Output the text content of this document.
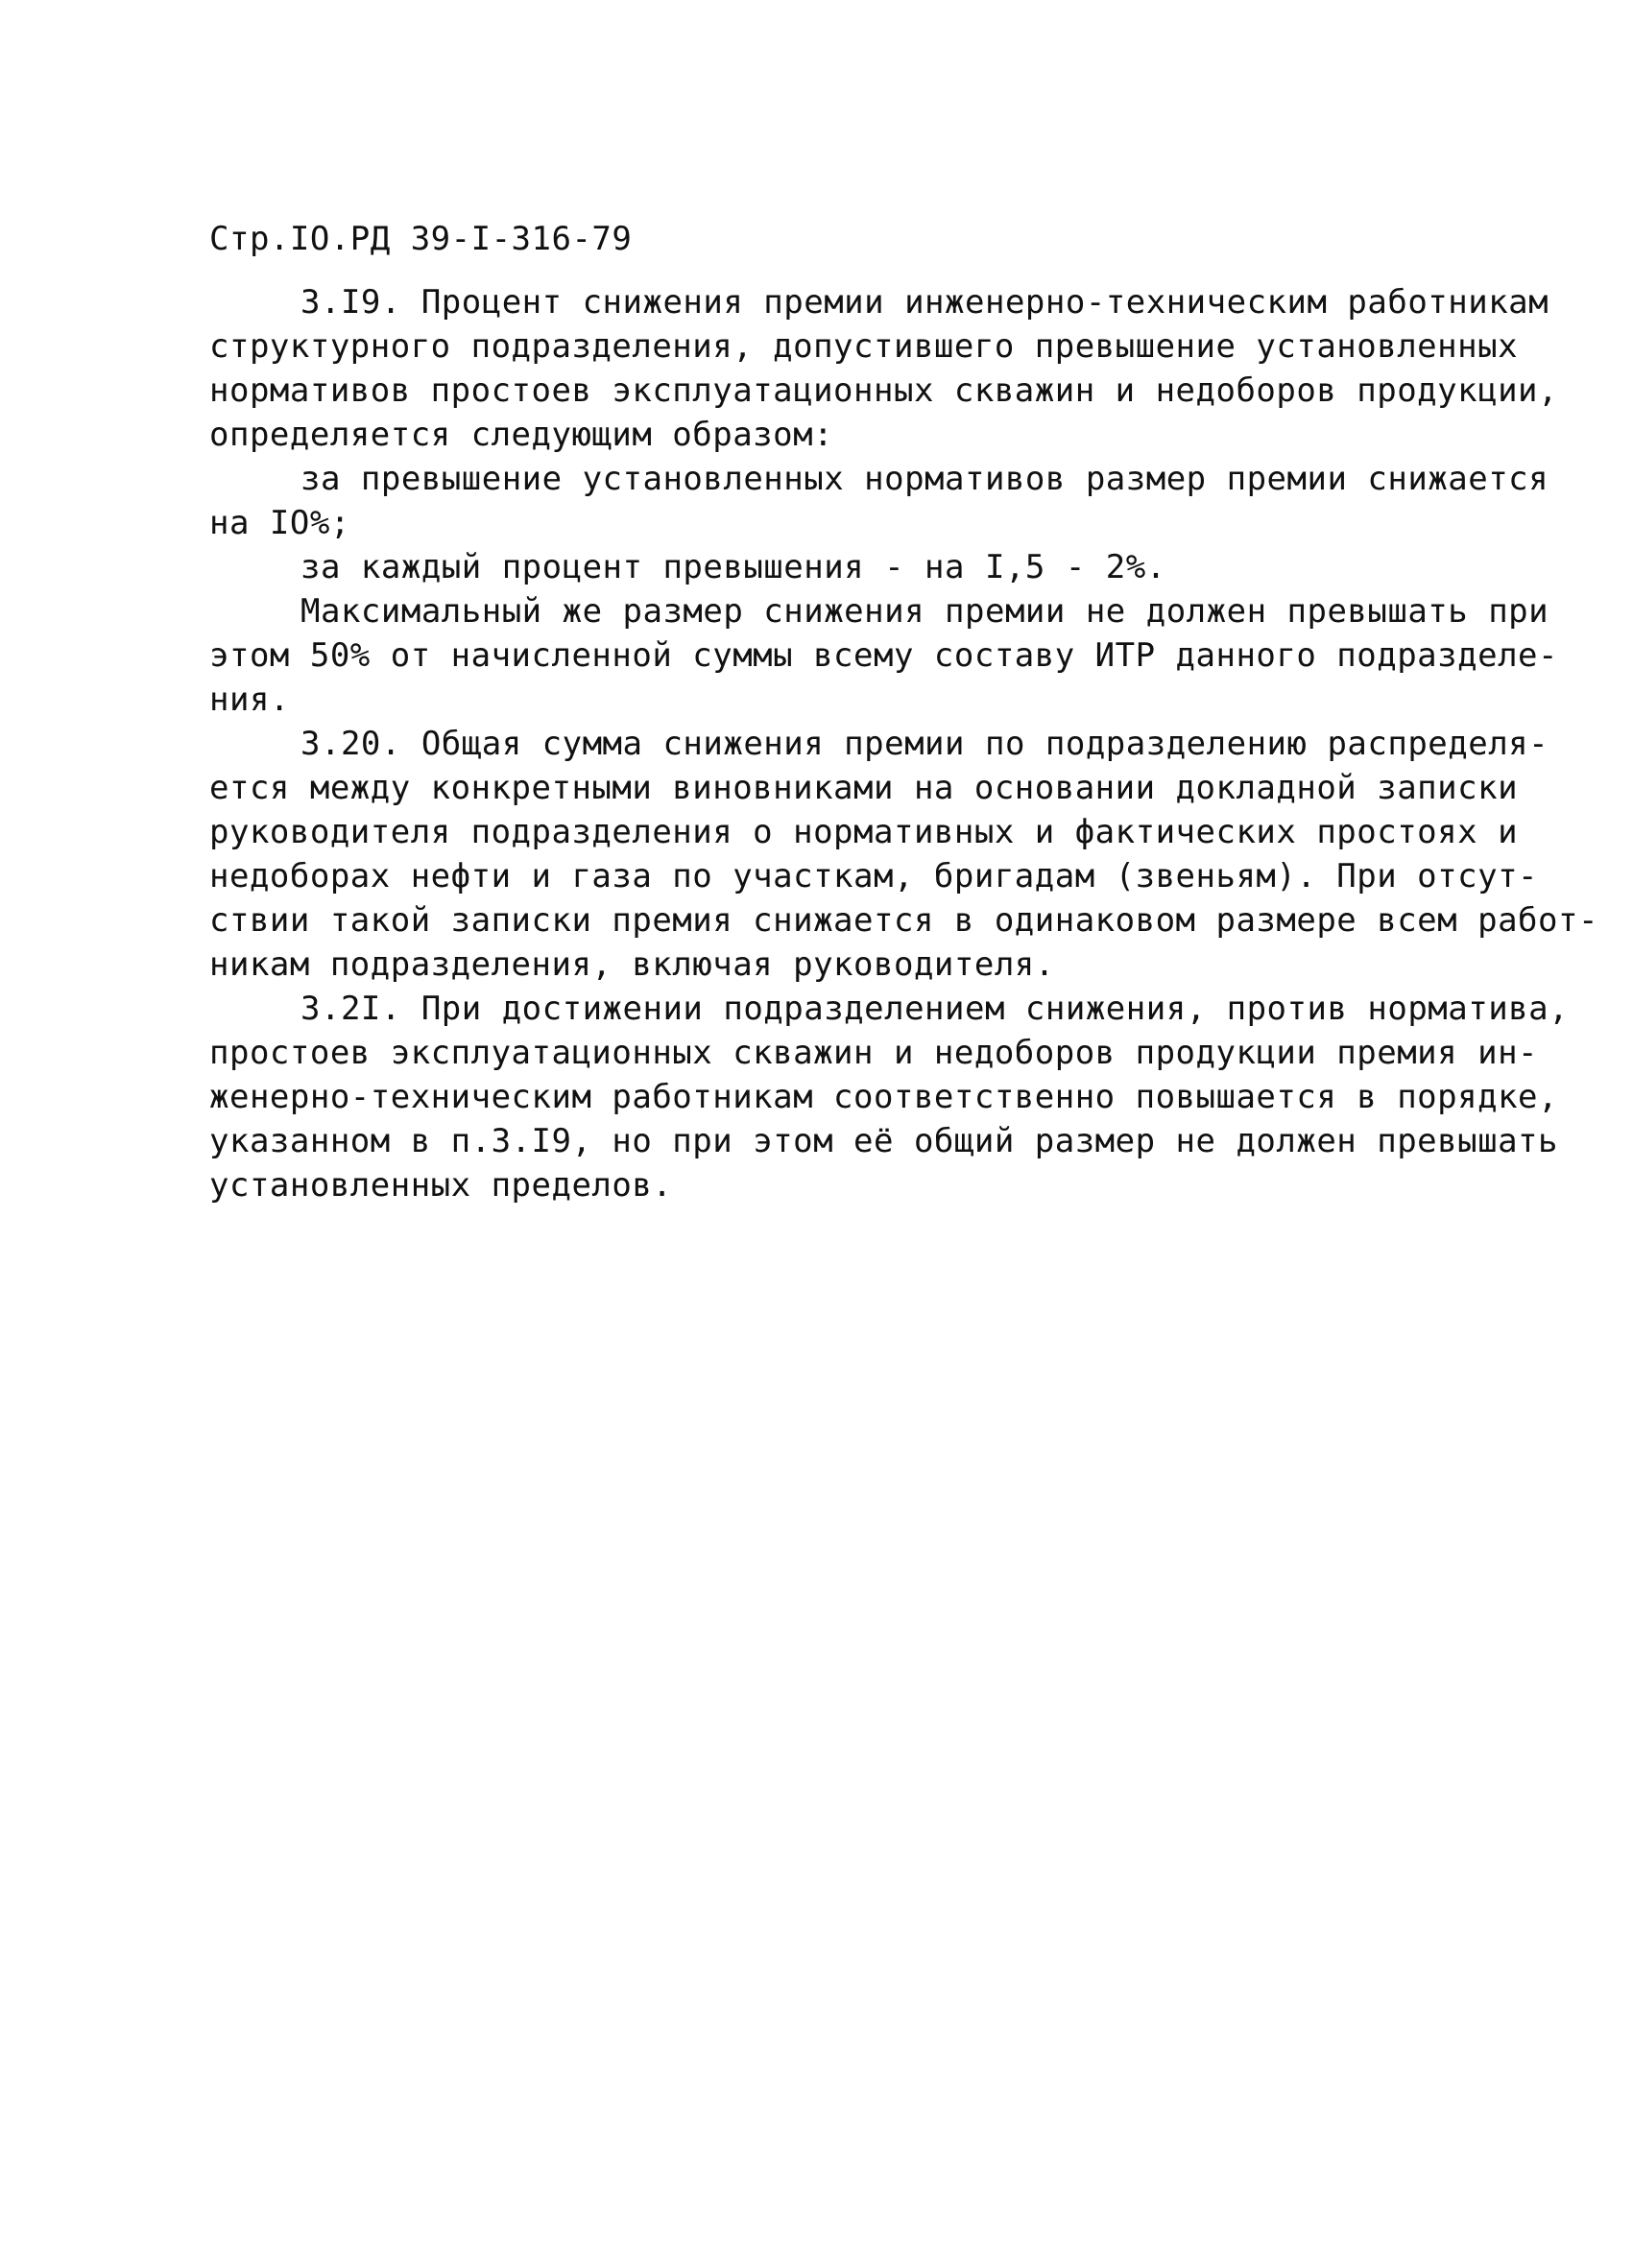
Стр.IO.РД 39-I-316-79
3.I9. Процент снижения премии инженерно-техническим работникам
структурного подразделения, допустившего превышение установленных
нормативов простоев эксплуатационных скважин и недоборов продукции,
определяется следующим образом:
за превышение установленных нормативов размер премии снижается
на IO%;
за каждый процент превышения - на I,5 - 2%.
Максимальный же размер снижения премии не должен превышать при
этом 50% от начисленной суммы всему составу ИТР данного подразделе-
ния.
3.20. Общая сумма снижения премии по подразделению распределя-
ется между конкретными виновниками на основании докладной записки
руководителя подразделения о нормативных и фактических простоях и
недоборах нефти и газа по участкам, бригадам (звеньям). При отсут-
ствии такой записки премия снижается в одинаковом размере всем работ-
никам подразделения, включая руководителя.
3.2I. При достижении подразделением снижения, против норматива,
простоев эксплуатационных скважин и недоборов продукции премия ин-
женерно-техническим работникам соответственно повышается в порядке,
указанном в п.3.I9, но при этом её общий размер не должен превышать
установленных пределов.
